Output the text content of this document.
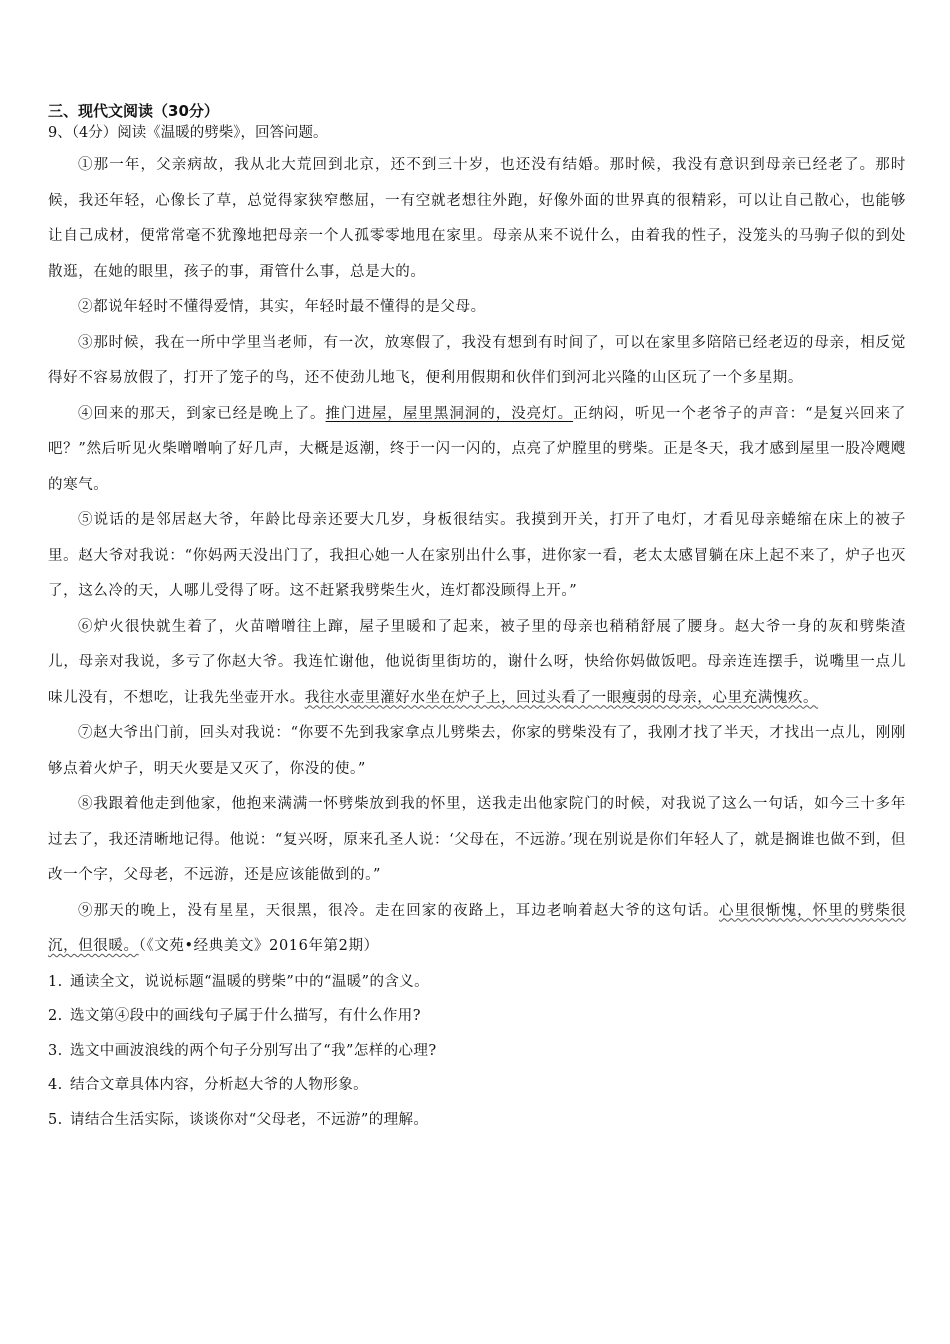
三、现代文阅读（30分）

9、（4分）阅读《温暖的劈柴》，回答问题。

①那一年，父亲病故，我从北大荒回到北京，还不到三十岁，也还没有结婚。那时候，我没有意识到母亲已经老了。那时候，我还年轻，心像长了草，总觉得家狭窄憋屈，一有空就老想往外跑，好像外面的世界真的很精彩，可以让自己散心，也能够让自己成材，便常常毫不犹豫地把母亲一个人孤零零地甩在家里。母亲从来不说什么，由着我的性子，没笼头的马驹子似的到处散逛，在她的眼里，孩子的事，甭管什么事，总是大的。

②都说年轻时不懂得爱情，其实，年轻时最不懂得的是父母。

③那时候，我在一所中学里当老师，有一次，放寒假了，我没有想到有时间了，可以在家里多陪陪已经老迈的母亲，相反觉得好不容易放假了，打开了笼子的鸟，还不使劲儿地飞，便利用假期和伙伴们到河北兴隆的山区玩了一个多星期。

④回来的那天，到家已经是晚上了。推门进屋，屋里黑洞洞的，没亮灯。正纳闷，听见一个老爷子的声音：“是复兴回来了吧？”然后听见火柴噌噌响了好几声，大概是返潮，终于一闪一闪的，点亮了炉膛里的劈柴。正是冬天，我才感到屋里一股冷飕飕的寒气。

⑤说话的是邻居赵大爷，年龄比母亲还要大几岁，身板很结实。我摸到开关，打开了电灯，才看见母亲蜷缩在床上的被子里。赵大爷对我说：“你妈两天没出门了，我担心她一人在家别出什么事，进你家一看，老太太感冒躺在床上起不来了，炉子也灭了，这么冷的天，人哪儿受得了呀。这不赶紧我劈柴生火，连灯都没顾得上开。”

⑥炉火很快就生着了，火苗噌噌往上蹿，屋子里暖和了起来，被子里的母亲也稍稍舒展了腰身。赵大爷一身的灰和劈柴渣儿，母亲对我说，多亏了你赵大爷。我连忙谢他，他说街里街坊的，谢什么呀，快给你妈做饭吧。母亲连连摆手，说嘴里一点儿味儿没有，不想吃，让我先坐壶开水。我往水壶里灌好水坐在炉子上，回过头看了一眼瘦弱的母亲，心里充满愧疚。

⑦赵大爷出门前，回头对我说：“你要不先到我家拿点儿劈柴去，你家的劈柴没有了，我刚才找了半天，才找出一点儿，刚刚够点着火炉子，明天火要是又灭了，你没的使。”

⑧我跟着他走到他家，他抱来满满一怀劈柴放到我的怀里，送我走出他家院门的时候，对我说了这么一句话，如今三十多年过去了，我还清晰地记得。他说：“复兴呀，原来孔圣人说：‘父母在，不远游。’现在别说是你们年轻人了，就是搁谁也做不到，但改一个字，父母老，不远游，还是应该能做到的。”

⑨那天的晚上，没有星星，天很黑，很冷。走在回家的夜路上，耳边老响着赵大爷的这句话。心里很惭愧，怀里的劈柴很沉，但很暖。（《文苑•经典美文》2016年第2期）

1. 通读全文，说说标题“温暖的劈柴”中的“温暖”的含义。

2. 选文第④段中的画线句子属于什么描写，有什么作用?

3. 选文中画波浪线的两个句子分别写出了“我”怎样的心理?

4. 结合文章具体内容，分析赵大爷的人物形象。

5. 请结合生活实际，谈谈你对“父母老，不远游”的理解。
